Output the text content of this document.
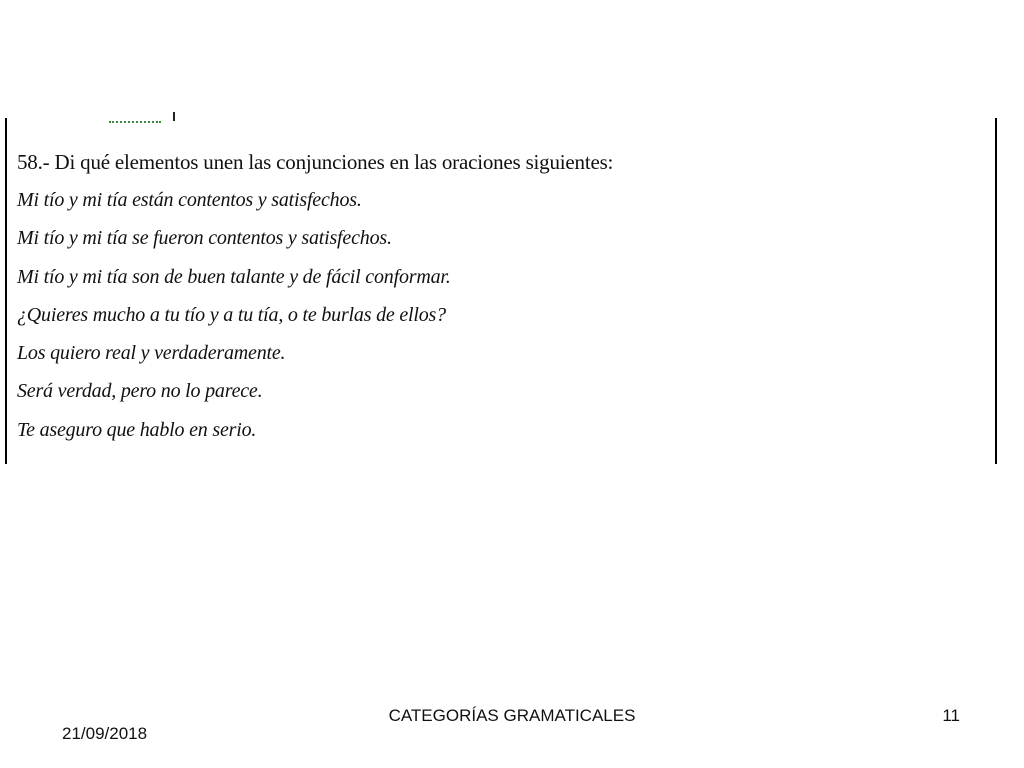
58.- Di qué elementos unen las conjunciones en las oraciones siguientes:
Mi tío y mi tía están contentos y satisfechos.
Mi tío y mi tía se fueron contentos y satisfechos.
Mi tío y mi tía son de buen talante y de fácil conformar.
¿Quieres mucho a tu tío y a tu tía, o te burlas de ellos?
Los quiero real y verdaderamente.
Será verdad, pero no lo parece.
Te aseguro que hablo en serio.
CATEGORÍAS GRAMATICALES
21/09/2018
11
